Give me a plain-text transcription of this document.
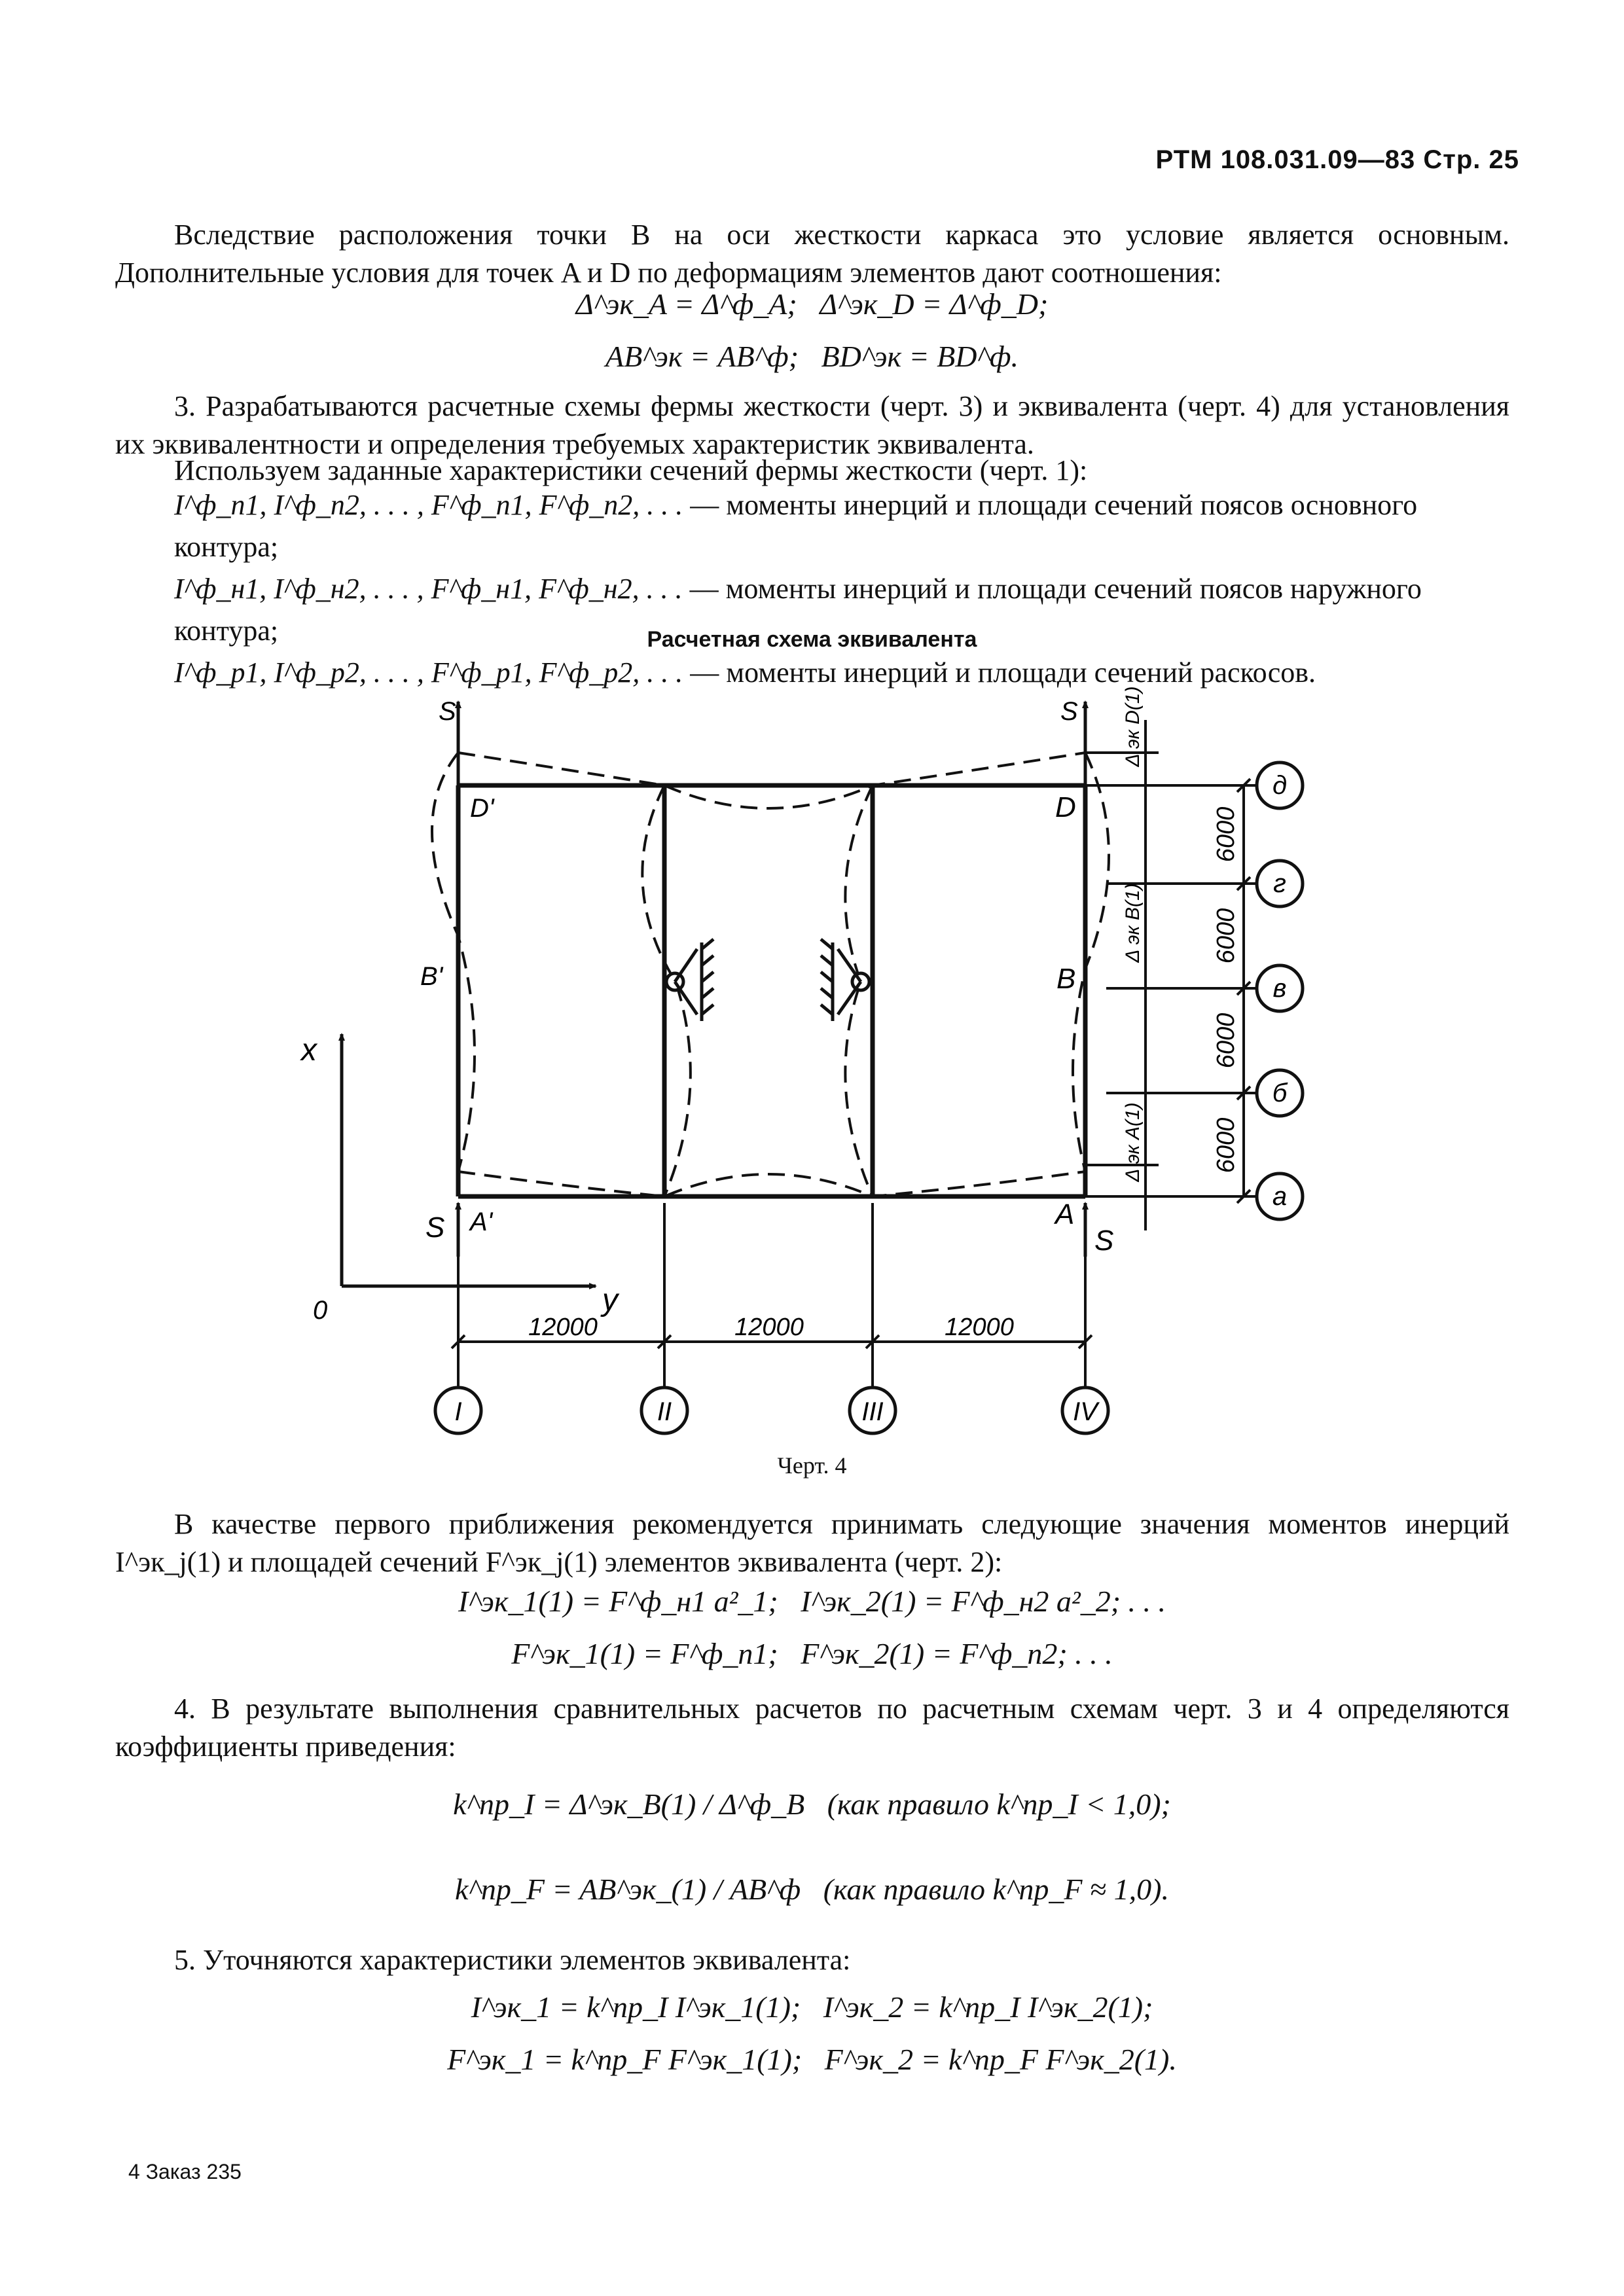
РТМ 108.031.09—83 Стр. 25
Вследствие расположения точки B на оси жесткости каркаса это условие является основным. Дополнительные условия для точек A и D по деформациям элементов дают соотношения:
Δ^эк_A = Δ^ф_A;   Δ^эк_D = Δ^ф_D;
AB^эк = AB^ф;   BD^эк = BD^ф.
3. Разрабатываются расчетные схемы фермы жесткости (черт. 3) и эквивалента (черт. 4) для установления их эквивалентности и определения требуемых характеристик эквивалента.
Используем заданные характеристики сечений фермы жесткости (черт. 1):
I^ф_п1, I^ф_п2, . . . , F^ф_п1, F^ф_п2, . . . — моменты инерций и площади сечений поясов основного контура;
I^ф_н1, I^ф_н2, . . . , F^ф_н1, F^ф_н2, . . . — моменты инерций и площади сечений поясов наружного контура;
I^ф_р1, I^ф_р2, . . . , F^ф_р1, F^ф_р2, . . . — моменты инерций и площади сечений раскосов.
Расчетная схема эквивалента
S	S
S	S
x
y
0
D'
B'
A'
D
B
A
12000	12000	12000
I	II	III	IV
6000
6000
6000
6000
Δ эк D(1)
Δ эк B(1)
Δ эк A(1)
д
г
в
б
а
Черт. 4
В качестве первого приближения рекомендуется принимать следующие значения моментов инерций I^эк_j(1) и площадей сечений F^эк_j(1) элементов эквивалента (черт. 2):
I^эк_1(1) = F^ф_н1 a²_1;   I^эк_2(1) = F^ф_н2 a²_2; . . .
F^эк_1(1) = F^ф_п1;   F^эк_2(1) = F^ф_п2; . . .
4. В результате выполнения сравнительных расчетов по расчетным схемам черт. 3 и 4 определяются коэффициенты приведения:
k^пр_I = Δ^эк_B(1) / Δ^ф_B   (как правило k^пр_I < 1,0);
k^пр_F = AB^эк_(1) / AB^ф   (как правило k^пр_F ≈ 1,0).
5. Уточняются характеристики элементов эквивалента:
I^эк_1 = k^пр_I I^эк_1(1);   I^эк_2 = k^пр_I I^эк_2(1);
F^эк_1 = k^пр_F F^эк_1(1);   F^эк_2 = k^пр_F F^эк_2(1).
4 Заказ 235
